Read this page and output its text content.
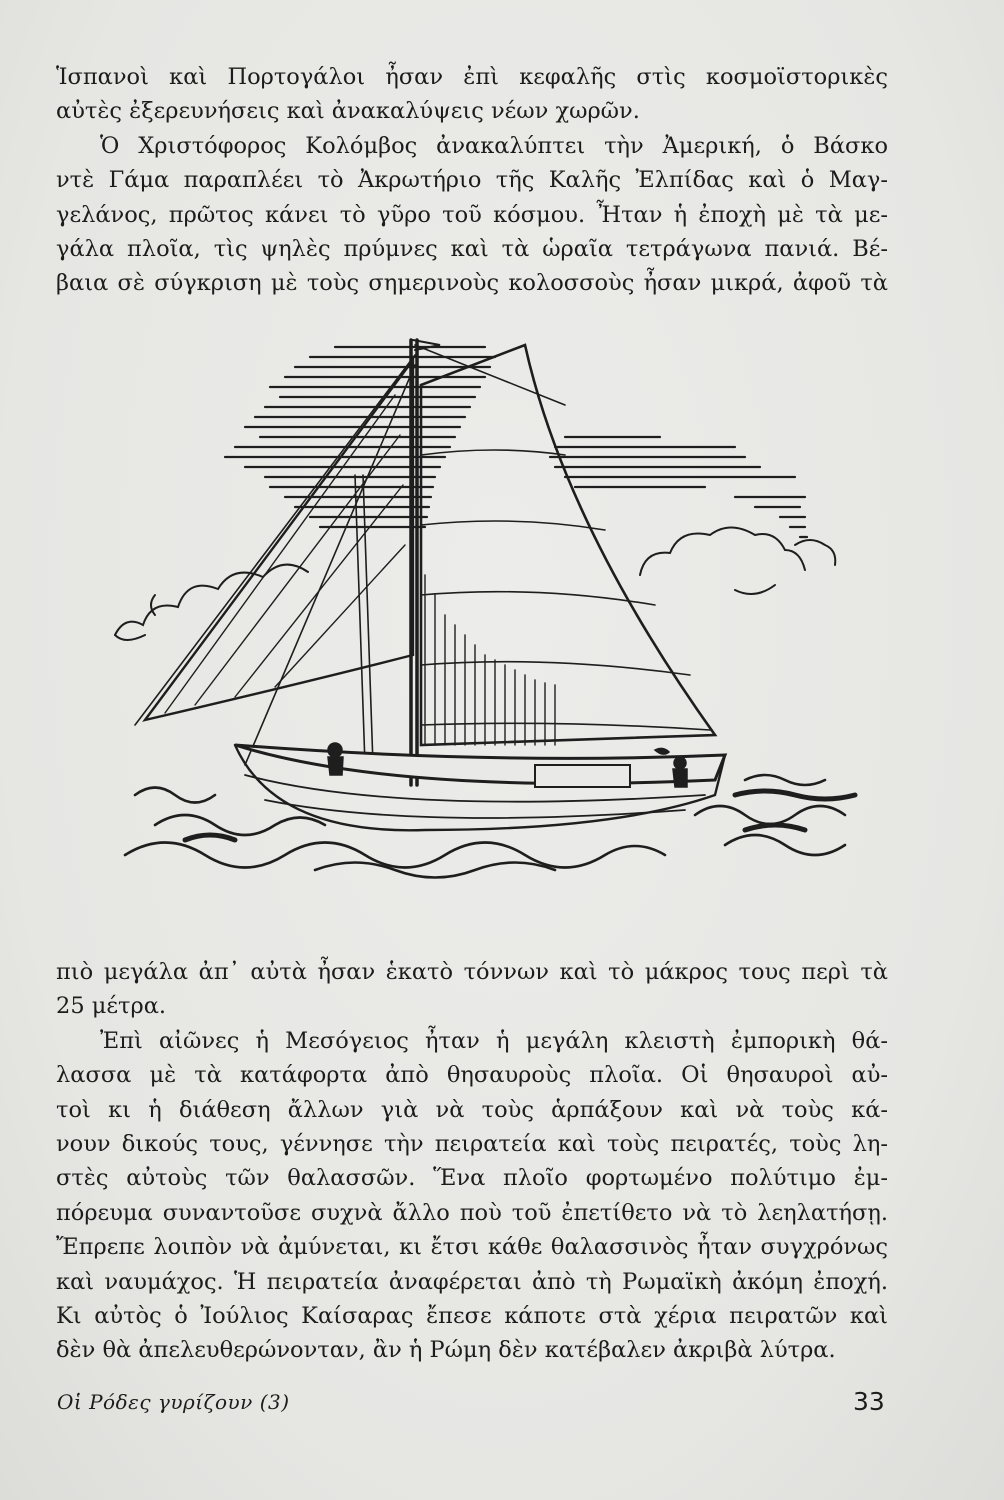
Ἱσπανοὶ καὶ Πορτογάλοι ἦσαν ἐπὶ κεφαλῆς στὶς κοσμοϊστορικὲς
αὐτὲς ἐξερευνήσεις καὶ ἀνακαλύψεις νέων χωρῶν.
Ὁ Χριστόφορος Κολόμβος ἀνακαλύπτει τὴν Ἀμερική, ὁ Βάσκο
ντὲ Γάμα παραπλέει τὸ Ἀκρωτήριο τῆς Καλῆς Ἐλπίδας καὶ ὁ Μαγ-
γελάνος, πρῶτος κάνει τὸ γῦρο τοῦ κόσμου. Ἦταν ἡ ἐποχὴ μὲ τὰ με-
γάλα πλοῖα, τὶς ψηλὲς πρύμνες καὶ τὰ ὡραῖα τετράγωνα πανιά. Βέ-
βαια σὲ σύγκριση μὲ τοὺς σημερινοὺς κολοσσοὺς ἦσαν μικρά, ἀφοῦ τὰ
πιὸ μεγάλα ἀπ᾿ αὐτὰ ἦσαν ἑκατὸ τόννων καὶ τὸ μάκρος τους περὶ τὰ
25 μέτρα.
Ἐπὶ αἰῶνες ἡ Μεσόγειος ἦταν ἡ μεγάλη κλειστὴ ἐμπορικὴ θά-
λασσα μὲ τὰ κατάφορτα ἀπὸ θησαυροὺς πλοῖα. Οἱ θησαυροὶ αὐ-
τοὶ κι ἡ διάθεση ἄλλων γιὰ νὰ τοὺς ἁρπάξουν καὶ νὰ τοὺς κά-
νουν δικούς τους, γέννησε τὴν πειρατεία καὶ τοὺς πειρατές, τοὺς λη-
στὲς αὐτοὺς τῶν θαλασσῶν. Ἕνα πλοῖο φορτωμένο πολύτιμο ἐμ-
πόρευμα συναντοῦσε συχνὰ ἄλλο ποὺ τοῦ ἐπετίθετο νὰ τὸ λεηλατήσῃ.
Ἔπρεπε λοιπὸν νὰ ἀμύνεται, κι ἔτσι κάθε θαλασσινὸς ἦταν συγχρόνως
καὶ ναυμάχος. Ἡ πειρατεία ἀναφέρεται ἀπὸ τὴ Ρωμαϊκὴ ἀκόμη ἐποχή.
Κι αὐτὸς ὁ Ἰούλιος Καίσαρας ἔπεσε κάποτε στὰ χέρια πειρατῶν καὶ
δὲν θὰ ἀπελευθερώνονταν, ἂν ἡ Ρώμη δὲν κατέβαλεν ἀκριβὰ λύτρα.
Οἱ Ρόδες γυρίζουν (3)	33
